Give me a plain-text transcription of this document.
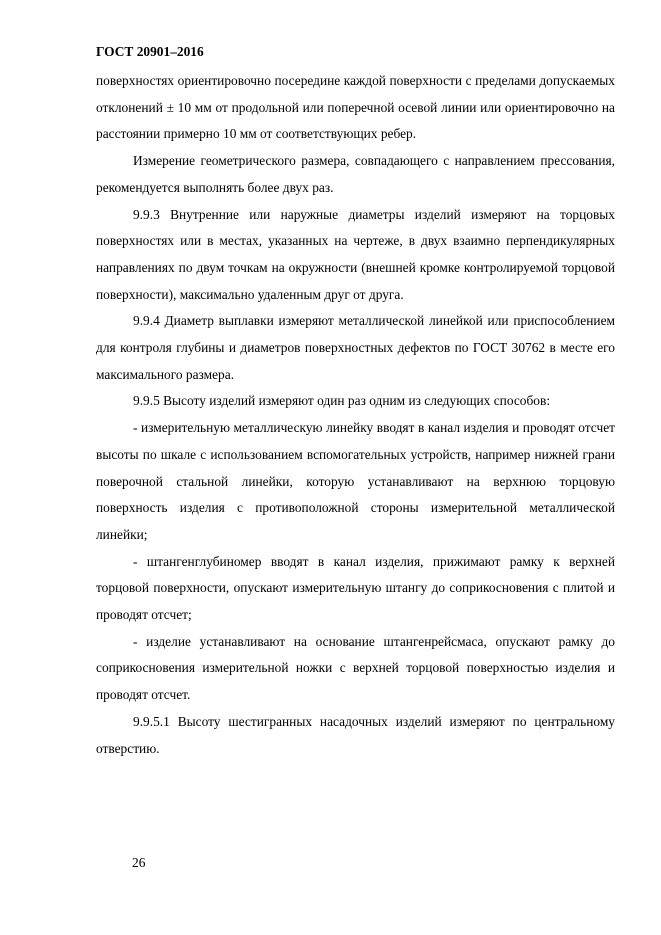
ГОСТ 20901–2016

поверхностях ориентировочно посередине каждой поверхности с пределами допускаемых отклонений ± 10 мм от продольной или поперечной осевой линии или ориентировочно на расстоянии примерно 10 мм от соответствующих ребер.

Измерение геометрического размера, совпадающего с направлением прессования, рекомендуется выполнять более двух раз.

9.9.3 Внутренние или наружные диаметры изделий измеряют на торцовых поверхностях или в местах, указанных на чертеже, в двух взаимно перпендикулярных направлениях по двум точкам на окружности (внешней кромке контролируемой торцовой поверхности), максимально удаленным друг от друга.

9.9.4 Диаметр выплавки измеряют металлической линейкой или приспособлением для контроля глубины и диаметров поверхностных дефектов по ГОСТ 30762 в месте его максимального размера.

9.9.5 Высоту изделий измеряют один раз одним из следующих способов:

- измерительную металлическую линейку вводят в канал изделия и проводят отсчет высоты по шкале с использованием вспомогательных устройств, например нижней грани поверочной стальной линейки, которую устанавливают на верхнюю торцовую поверхность изделия с противоположной стороны измерительной металлической линейки;

- штангенглубиномер вводят в канал изделия, прижимают рамку к верхней торцовой поверхности, опускают измерительную штангу до соприкосновения с плитой и проводят отсчет;

- изделие устанавливают на основание штангенрейсмаса, опускают рамку до соприкосновения измерительной ножки с верхней торцовой поверхностью изделия и проводят отсчет.

9.9.5.1 Высоту шестигранных насадочных изделий измеряют по центральному отверстию.

26
